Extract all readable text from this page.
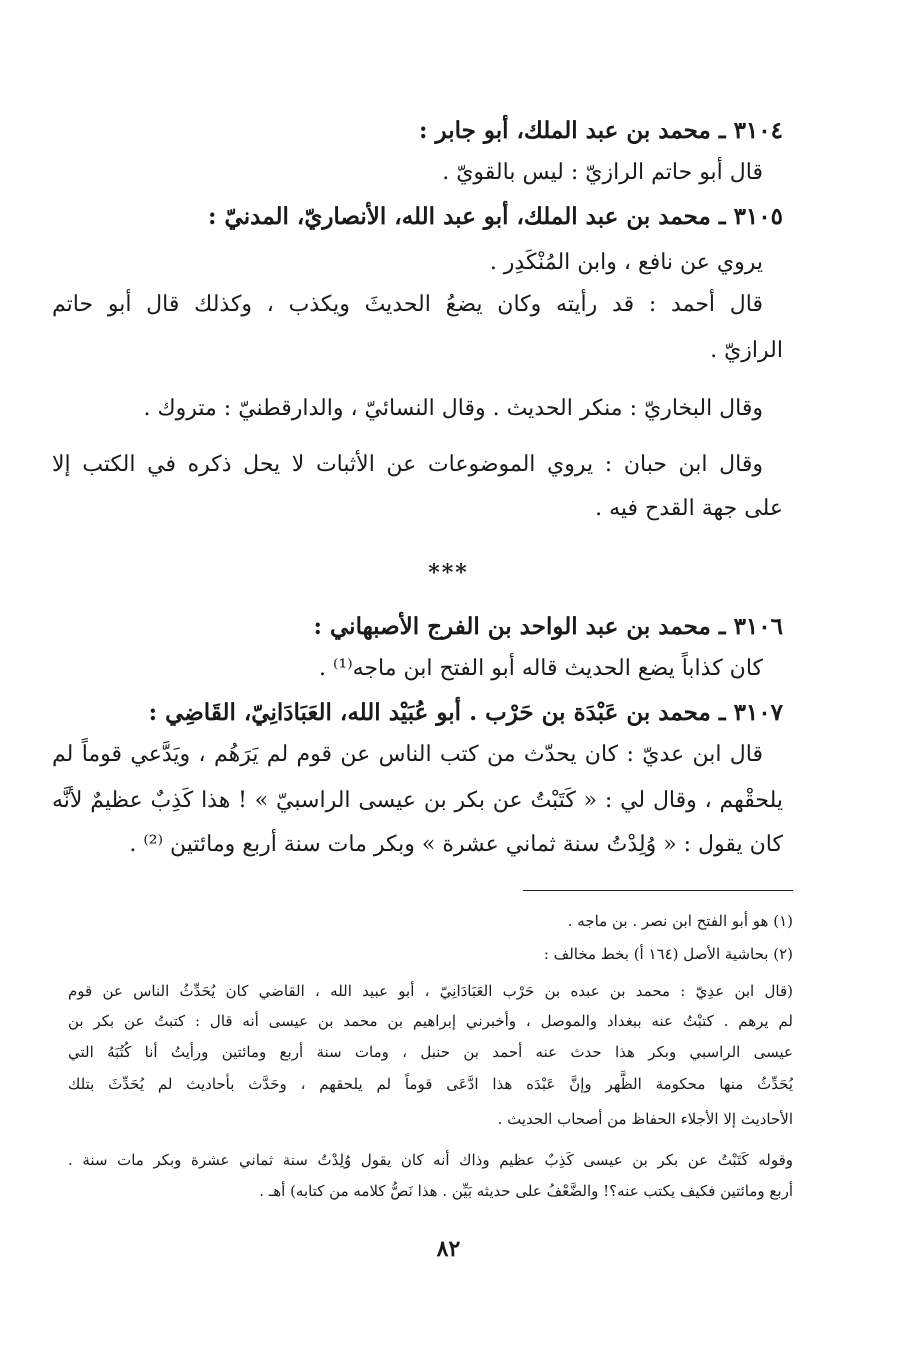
٣١٠٤ ـ محمد بن عبد الملك، أبو جابر :
قال أبو حاتم الرازيّ : ليس بالقويّ .
٣١٠٥ ـ محمد بن عبد الملك، أبو عبد الله، الأنصاريّ، المدنيّ :
يروي عن نافع ، وابن المُنْكَدِر .
قال أحمد : قد رأيته وكان يضعُ الحديثَ ويكذب ، وكذلك قال أبو حاتم
الرازيّ .
وقال البخاريّ : منكر الحديث . وقال النسائيّ ، والدارقطنيّ : متروك .
وقال ابن حبان : يروي الموضوعات عن الأثبات لا يحل ذكره في الكتب إلا
على جهة القدح فيه .
***
٣١٠٦ ـ محمد بن عبد الواحد بن الفرج الأصبهاني :
كان كذاباً يضع الحديث قاله أبو الفتح ابن ماجه⁽¹⁾ .
٣١٠٧ ـ محمد بن عَبْدَة بن حَرْب . أبو عُبَيْد الله، العَبَادَانِيّ، القَاضِي :
قال ابن عديّ : كان يحدّث من كتب الناس عن قوم لم يَرَهُم ، ويَدَّعي قوماً لم
يلحقْهم ، وقال لي : « كَتَبْتُ عن بكر بن عيسى الراسبيّ » ! هذا كَذِبٌ عظيمٌ لأنَّه
كان يقول : « وُلِدْتُ سنة ثماني عشرة » وبكر مات سنة أربع ومائتين ⁽²⁾ .
(١) هو أبو الفتح ابن نصر . بن ماجه .
(٢) بحاشية الأصل (١٦٤ أ) بخط مخالف :
(قال ابن عدِيّ : محمد بن عبده بن حَرْب العَبَادَانِيّ ، أبو عبيد الله ، القاضي كان يُحَدِّثُ الناس عن قوم
لم يرهم . كتبْتُ عنه ببغداد والموصل ، وأخبرني إبراهيم بن محمد بن عيسى أنه قال : كتبتُ عن بكر بن
عيسى الراسبي وبكر هذا حدث عنه أحمد بن حنبل ، ومات سنة أربع ومائتين ورأيتُ أنا كُتُبَهُ التي
يُحَدِّثُ منها محكومة الظَّهر وإنَّ عَبْدَه هذا ادَّعَى قوماً لم يلحقهم ، وحَدَّث بأحاديث لم يُحَدِّثَ بتلك
الأحاديث إلا الأجلاء الحفاظ من أصحاب الحديث .
وقوله كَتَبْتُ عن بكر بن عيسى كَذِبٌ عظيم وذاك أنه كان يقول وُلِدْتُ سنة ثماني عشرة وبكر مات سنة .
أربع ومائتين فكيف يكتب عنه؟! والضَّعْفُ على حديثه بَيِّن . هذا نَصُّ كلامه من كتابه) أهـ .
٨٢
